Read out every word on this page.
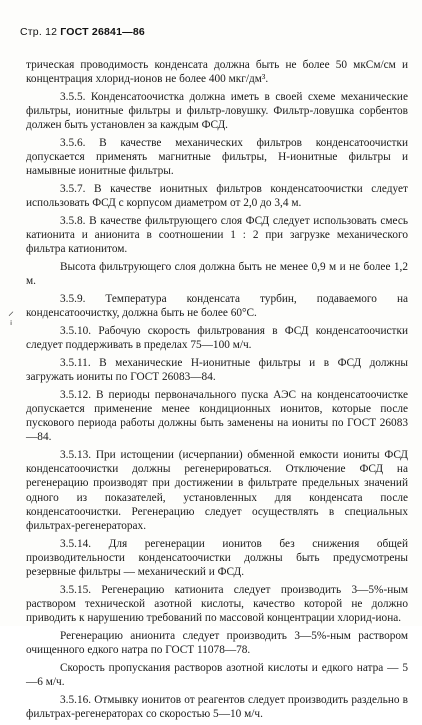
Стр. 12 ГОСТ 26841—86
⸝
ⁱ

трическая проводимость конденсата должна быть не более 50 мкСм/см и концентрация хлорид-ионов не более 400 мкг/дм³.

3.5.5. Конденсатоочистка должна иметь в своей схеме механические фильтры, ионитные фильтры и фильтр-ловушку. Фильтр-ловушка сорбентов должен быть установлен за каждым ФСД.

3.5.6. В качестве механических фильтров конденсатоочистки допускается применять магнитные фильтры, Н-ионитные фильтры и намывные ионитные фильтры.

3.5.7. В качестве ионитных фильтров конденсатоочистки следует использовать ФСД с корпусом диаметром от 2,0 до 3,4 м.

3.5.8. В качестве фильтрующего слоя ФСД следует использовать смесь катионита и анионита в соотношении 1 : 2 при загрузке механического фильтра катионитом.

Высота фильтрующего слоя должна быть не менее 0,9 м и не более 1,2 м.

3.5.9. Температура конденсата турбин, подаваемого на конденсатоочистку, должна быть не более 60°С.

3.5.10. Рабочую скорость фильтрования в ФСД конденсатоочистки следует поддерживать в пределах 75—100 м/ч.

3.5.11. В механические Н-ионитные фильтры и в ФСД должны загружать иониты по ГОСТ 26083—84.

3.5.12. В периоды первоначального пуска АЭС на конденсатоочистке допускается применение менее кондиционных ионитов, которые после пускового периода работы должны быть заменены на иониты по ГОСТ 26083—84.

3.5.13. При истощении (исчерпании) обменной емкости иониты ФСД конденсатоочистки должны регенерироваться. Отключение ФСД на регенерацию производят при достижении в фильтрате предельных значений одного из показателей, установленных для конденсата после конденсатоочистки. Регенерацию следует осуществлять в специальных фильтрах-регенераторах.

3.5.14. Для регенерации ионитов без снижения общей производительности конденсатоочистки должны быть предусмотрены резервные фильтры — механический и ФСД.

3.5.15. Регенерацию катионита следует производить 3—5%-ным раствором технической азотной кислоты, качество которой не должно приводить к нарушению требований по массовой концентрации хлорид-иона.

Регенерацию анионита следует производить 3—5%-ным раствором очищенного едкого натра по ГОСТ 11078—78.

Скорость пропускания растворов азотной кислоты и едкого натра — 5—6 м/ч.

3.5.16. Отмывку ионитов от реагентов следует производить раздельно в фильтрах-регенераторах со скоростью 5—10 м/ч.
